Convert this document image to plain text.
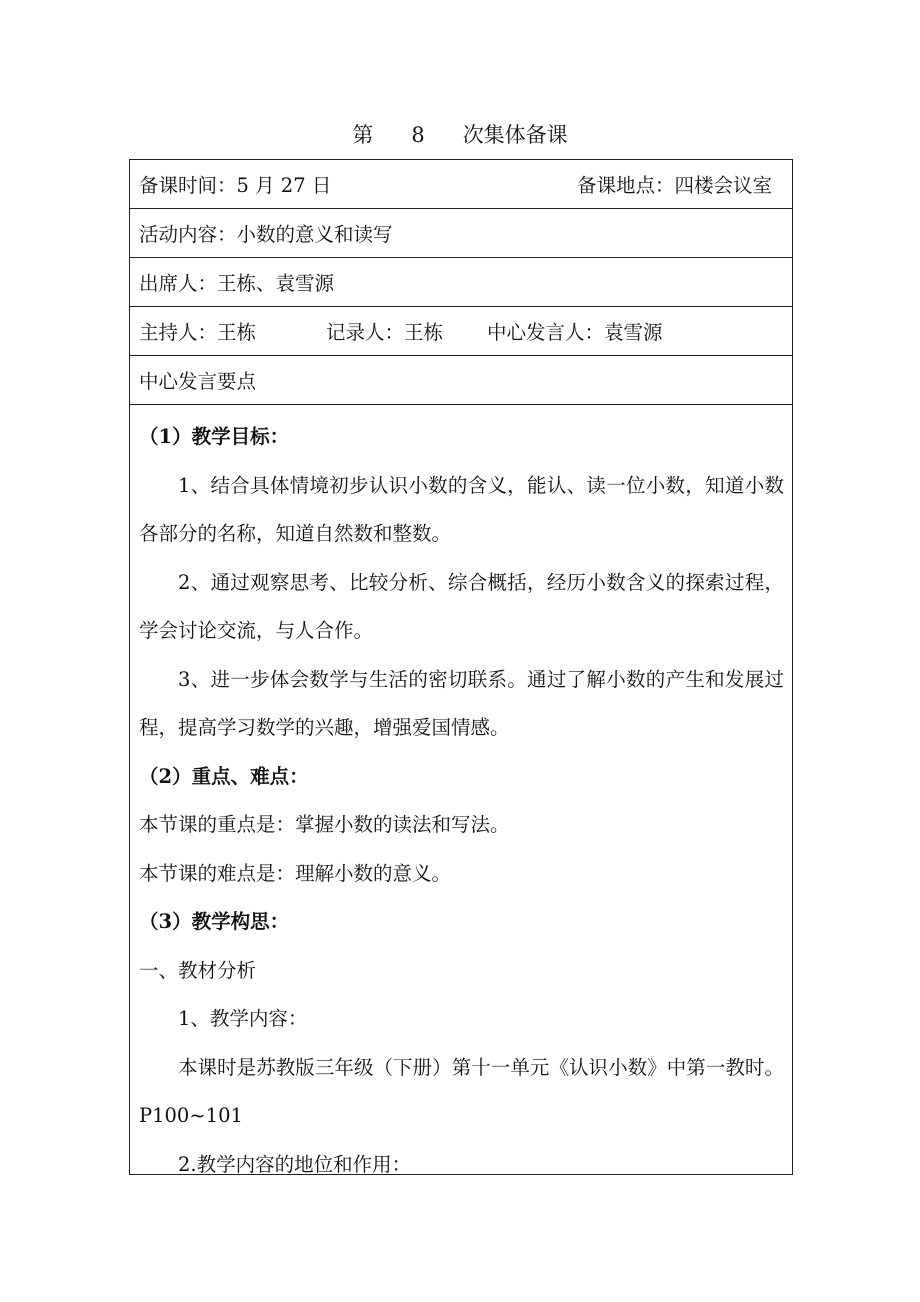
第 8 次集体备课
备课时间：5 月 27 日	备课地点：四楼会议室
活动内容：小数的意义和读写
出席人：王栋、袁雪源
主持人：王栋	记录人：王栋 中心发言人：袁雪源
中心发言要点

（1）教学目标：

1、结合具体情境初步认识小数的含义，能认、读一位小数，知道小数各部分的名称，知道自然数和整数。

2、通过观察思考、比较分析、综合概括，经历小数含义的探索过程，学会讨论交流，与人合作。

3、进一步体会数学与生活的密切联系。通过了解小数的产生和发展过程，提高学习数学的兴趣，增强爱国情感。

（2）重点、难点：

本节课的重点是：掌握小数的读法和写法。

本节课的难点是：理解小数的意义。

（3）教学构思：

一、教材分析

1、教学内容：

本课时是苏教版三年级（下册）第十一单元《认识小数》中第一教时。P100~101

2.教学内容的地位和作用：
